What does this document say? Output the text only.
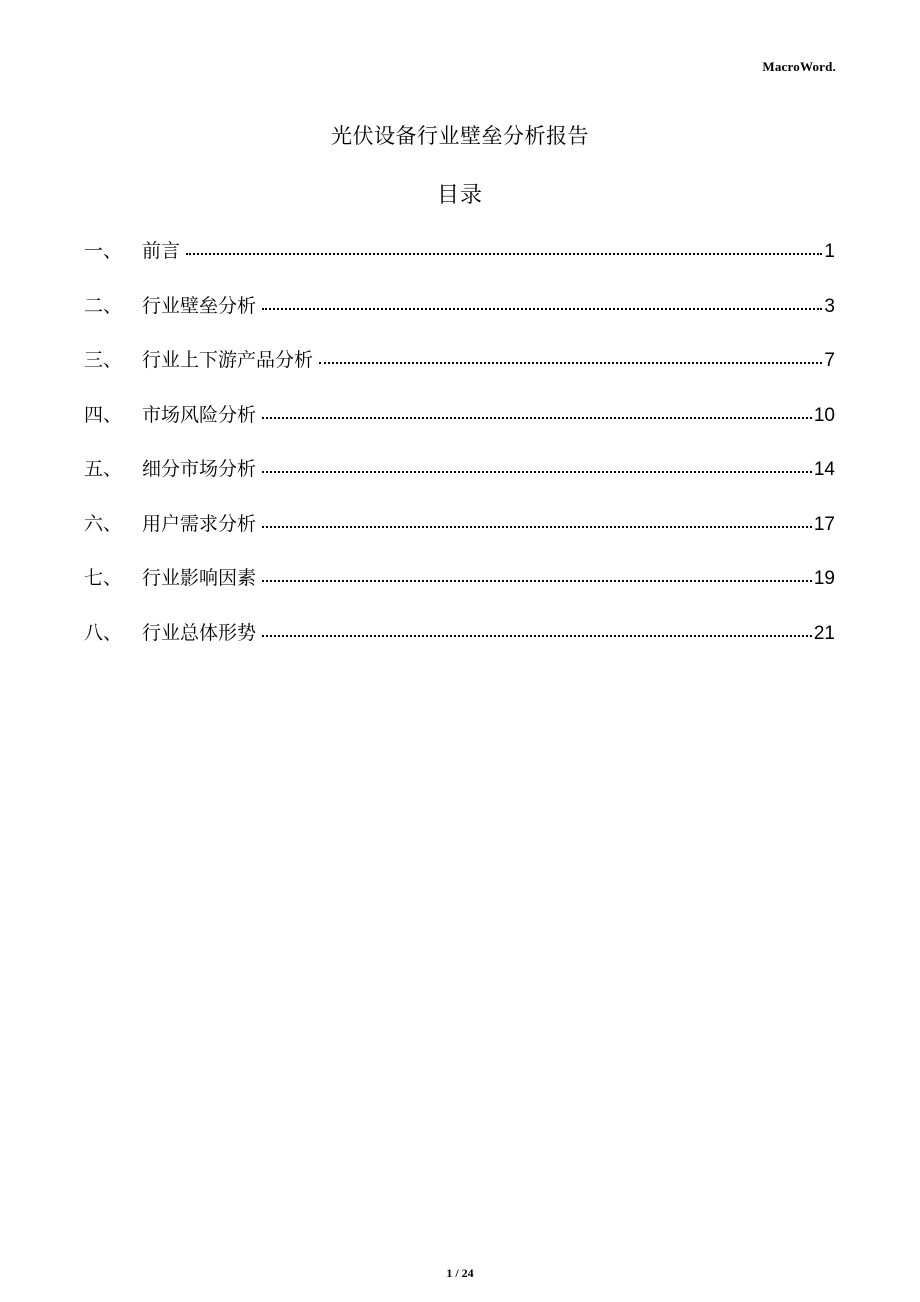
MacroWord.
光伏设备行业壁垒分析报告
目录
一、	前言	1
二、	行业壁垒分析	3
三、	行业上下游产品分析	7
四、	市场风险分析	10
五、	细分市场分析	14
六、	用户需求分析	17
七、	行业影响因素	19
八、	行业总体形势	21
1 / 24
